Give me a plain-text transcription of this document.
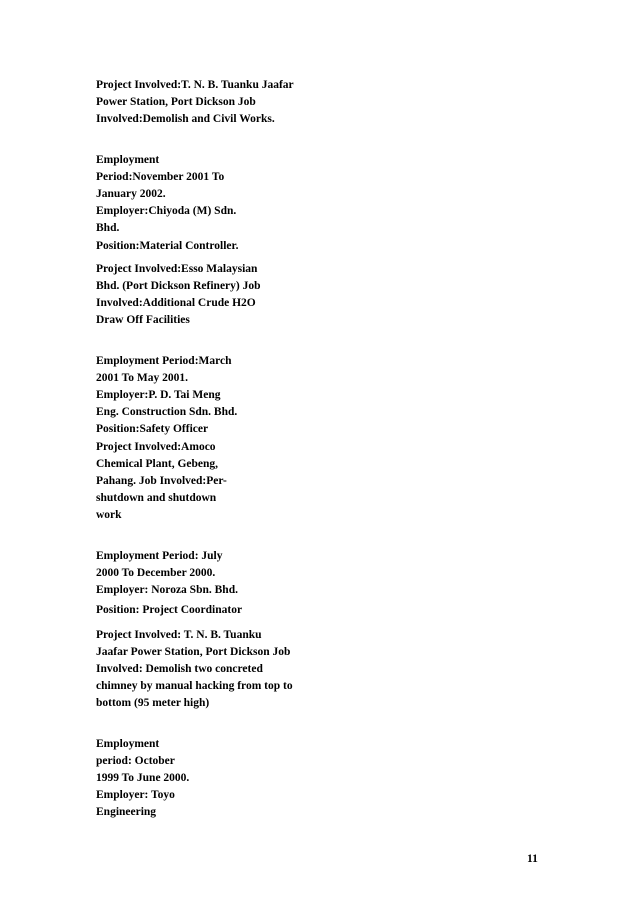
Project Involved:T. N. B. Tuanku Jaafar
Power Station, Port Dickson Job
Involved:Demolish and Civil Works.
Employment
Period:November 2001 To
January 2002.
Employer:Chiyoda (M) Sdn.
Bhd.
Position:Material Controller.
Project Involved:Esso Malaysian
Bhd. (Port Dickson Refinery) Job
Involved:Additional Crude H2O
Draw Off Facilities
Employment Period:March
2001 To May 2001.
Employer:P. D. Tai Meng
Eng. Construction Sdn. Bhd.
Position:Safety Officer
Project Involved:Amoco
Chemical Plant, Gebeng,
Pahang. Job Involved:Per-
shutdown and shutdown
work
Employment Period: July
2000 To December 2000.
Employer: Noroza Sbn. Bhd.
Position: Project Coordinator
Project Involved: T. N. B. Tuanku
Jaafar Power Station, Port Dickson Job
Involved: Demolish two concreted
chimney by manual hacking from top to
bottom (95 meter high)
Employment
period: October
1999 To June 2000.
Employer: Toyo
Engineering
11
